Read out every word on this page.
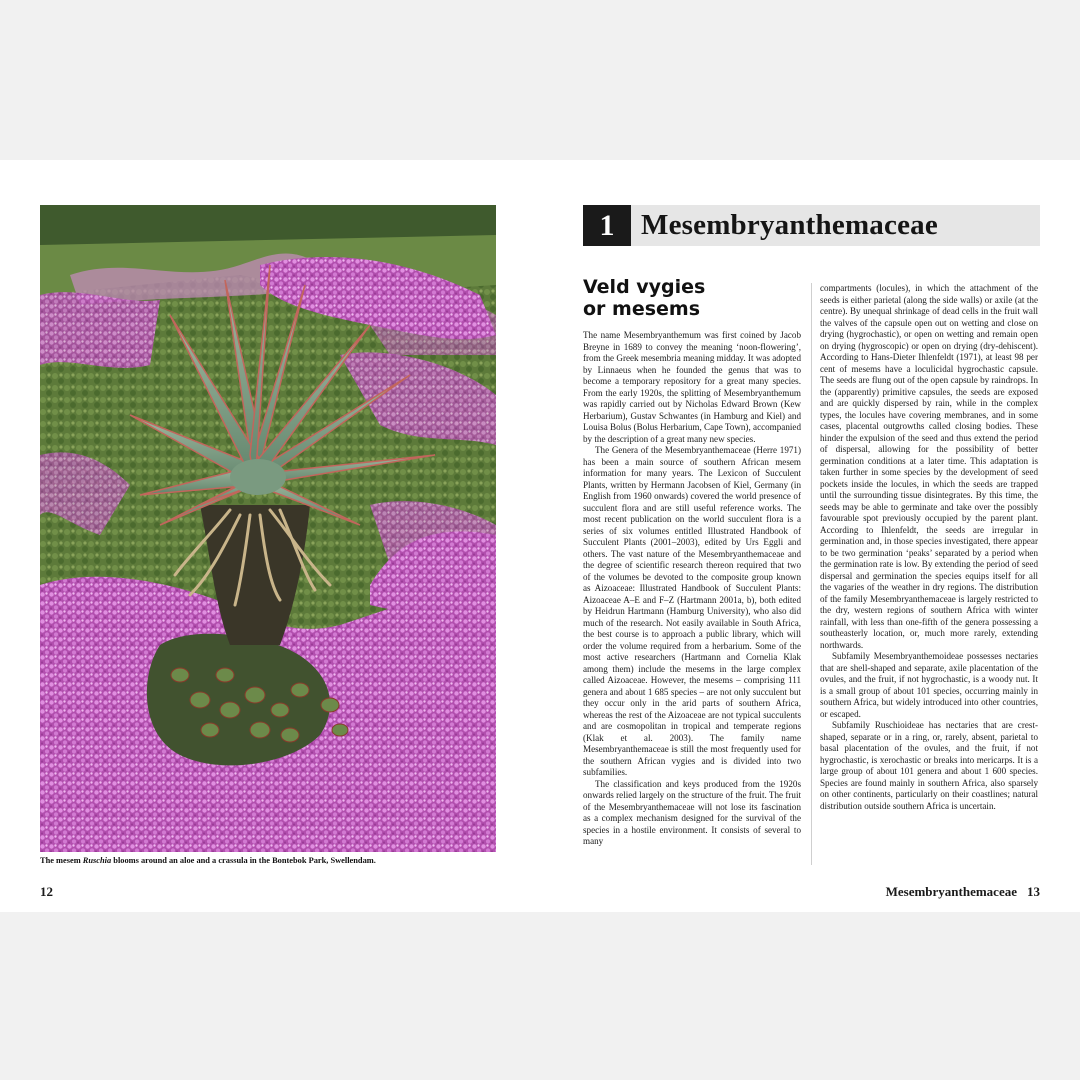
The mesem Ruschia blooms around an aloe and a crassula in the Bontebok Park, Swellendam.
12
1 Mesembryanthemaceae
Veld vygies
or mesems

The name Mesembryanthemum was first coined by Jacob Breyne in 1689 to convey the meaning ‘noon-flowering’, from the Greek mesembria meaning midday. It was adopted by Linnaeus when he founded the genus that was to become a temporary repository for a great many species. From the early 1920s, the splitting of Mesembryanthemum was rapidly carried out by Nicholas Edward Brown (Kew Herbarium), Gustav Schwantes (in Hamburg and Kiel) and Louisa Bolus (Bolus Herbarium, Cape Town), accompanied by the description of a great many new species.

The Genera of the Mesembryanthemaceae (Herre 1971) has been a main source of southern African mesem information for many years. The Lexicon of Succulent Plants, written by Hermann Jacobsen of Kiel, Germany (in English from 1960 onwards) covered the world presence of succulent flora and are still useful reference works. The most recent publication on the world succulent flora is a series of six volumes entitled Illustrated Handbook of Succulent Plants (2001–2003), edited by Urs Eggli and others. The vast nature of the Mesembryanthemaceae and the degree of scientific research thereon required that two of the volumes be devoted to the composite group known as Aizoaceae: Illustrated Handbook of Succulent Plants: Aizoaceae A–E and F–Z (Hartmann 2001a, b), both edited by Heidrun Hartmann (Hamburg University), who also did much of the research. Not easily available in South Africa, the best course is to approach a public library, which will order the volume required from a herbarium. Some of the most active researchers (Hartmann and Cornelia Klak among them) include the mesems in the large complex called Aizoaceae. However, the mesems – comprising 111 genera and about 1 685 species – are not only succulent but they occur only in the arid parts of southern Africa, whereas the rest of the Aizoaceae are not typical succulents and are cosmopolitan in tropical and temperate regions (Klak et al. 2003). The family name Mesembryanthemaceae is still the most frequently used for the southern African vygies and is divided into two subfamilies.

The classification and keys produced from the 1920s onwards relied largely on the structure of the fruit. The fruit of the Mesembryanthemaceae will not lose its fascination as a complex mechanism designed for the survival of the species in a hostile environment. It consists of several to many

compartments (locules), in which the attachment of the seeds is either parietal (along the side walls) or axile (at the centre). By unequal shrinkage of dead cells in the fruit wall the valves of the capsule open out on wetting and close on drying (hygrochastic), or open on wetting and remain open on drying (hygroscopic) or open on drying (dry-dehiscent). According to Hans-Dieter Ihlenfeldt (1971), at least 98 per cent of mesems have a loculicidal hygrochastic capsule. The seeds are flung out of the open capsule by raindrops. In the (apparently) primitive capsules, the seeds are exposed and are quickly dispersed by rain, while in the complex types, the locules have covering membranes, and in some cases, placental outgrowths called closing bodies. These hinder the expulsion of the seed and thus extend the period of dispersal, allowing for the possibility of better germination conditions at a later time. This adaptation is taken further in some species by the development of seed pockets inside the locules, in which the seeds are trapped until the surrounding tissue disintegrates. By this time, the seeds may be able to germinate and take over the possibly favourable spot previously occupied by the parent plant. According to Ihlenfeldt, the seeds are irregular in germination and, in those species investigated, there appear to be two germination ‘peaks’ separated by a period when the germination rate is low. By extending the period of seed dispersal and germination the species equips itself for all the vagaries of the weather in dry regions. The distribution of the family Mesembryanthemaceae is largely restricted to the dry, western regions of southern Africa with winter rainfall, with less than one-fifth of the genera possessing a southeasterly location, or, much more rarely, extending northwards.

Subfamily Mesembryanthemoideae possesses nectaries that are shell-shaped and separate, axile placentation of the ovules, and the fruit, if not hygrochastic, is a woody nut. It is a small group of about 101 species, occurring mainly in southern Africa, but widely introduced into other countries, or escaped.

Subfamily Ruschioideae has nectaries that are crest-shaped, separate or in a ring, or, rarely, absent, parietal to basal placentation of the ovules, and the fruit, if not hygrochastic, is xerochastic or breaks into mericarps. It is a large group of about 101 genera and about 1 600 species. Species are found mainly in southern Africa, also sparsely on other continents, particularly on their coastlines; natural distribution outside southern Africa is uncertain.

Mesembryanthemaceae 13
